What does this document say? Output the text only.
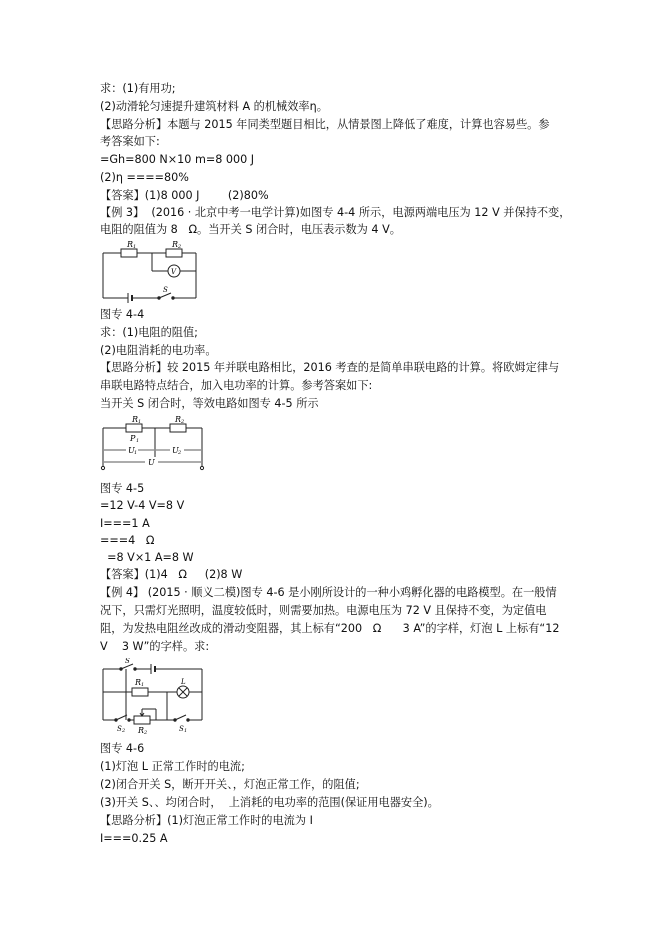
求：(1)有用功;
(2)动滑轮匀速提升建筑材料 A 的机械效率η。
【思路分析】本题与 2015 年同类型题目相比，从情景图上降低了难度，计算也容易些。参
考答案如下:
=Gh=800 N×10 m=8 000 J
(2)η ====80%
【答案】(1)8 000 J        (2)80%
【例 3】  (2016 · 北京中考一电学计算)如图专 4-4 所示，电源两端电压为 12 V 并保持不变，
电阻的阻值为 8   Ω。当开关 S 闭合时，电压表示数为 4 V。
R 1	R 2
V
S
图专 4-4
求：(1)电阻的阻值;
(2)电阻消耗的电功率。
【思路分析】较 2015 年并联电路相比，2016 考查的是简单串联电路的计算。将欧姆定律与
串联电路特点结合，加入电功率的计算。参考答案如下:
当开关 S 闭合时，等效电路如图专 4-5 所示
R 1	R 2
P 1
U 1	U 2
U
图专 4-5
=12 V-4 V=8 V
I===1 A
===4   Ω
=8 V×1 A=8 W
【答案】(1)4   Ω     (2)8 W
【例 4】 (2015 · 顺义二模)图专 4-6 是小刚所设计的一种小鸡孵化器的电路模型。在一般情
况下，只需灯光照明，温度较低时，则需要加热。电源电压为 72 V 且保持不变，为定值电
阻，为发热电阻丝改成的滑动变阻器，其上标有“200   Ω      3 A”的字样，灯泡 L 上标有“12
V    3 W”的字样。求:
S
R 1	L
S 2 R 2	S 1
图专 4-6
(1)灯泡 L 正常工作时的电流;
(2)闭合开关 S，断开开关、，灯泡正常工作，的阻值;
(3)开关 S、、均闭合时，  上消耗的电功率的范围(保证用电器安全)。
【思路分析】(1)灯泡正常工作时的电流为 I
I===0.25 A
